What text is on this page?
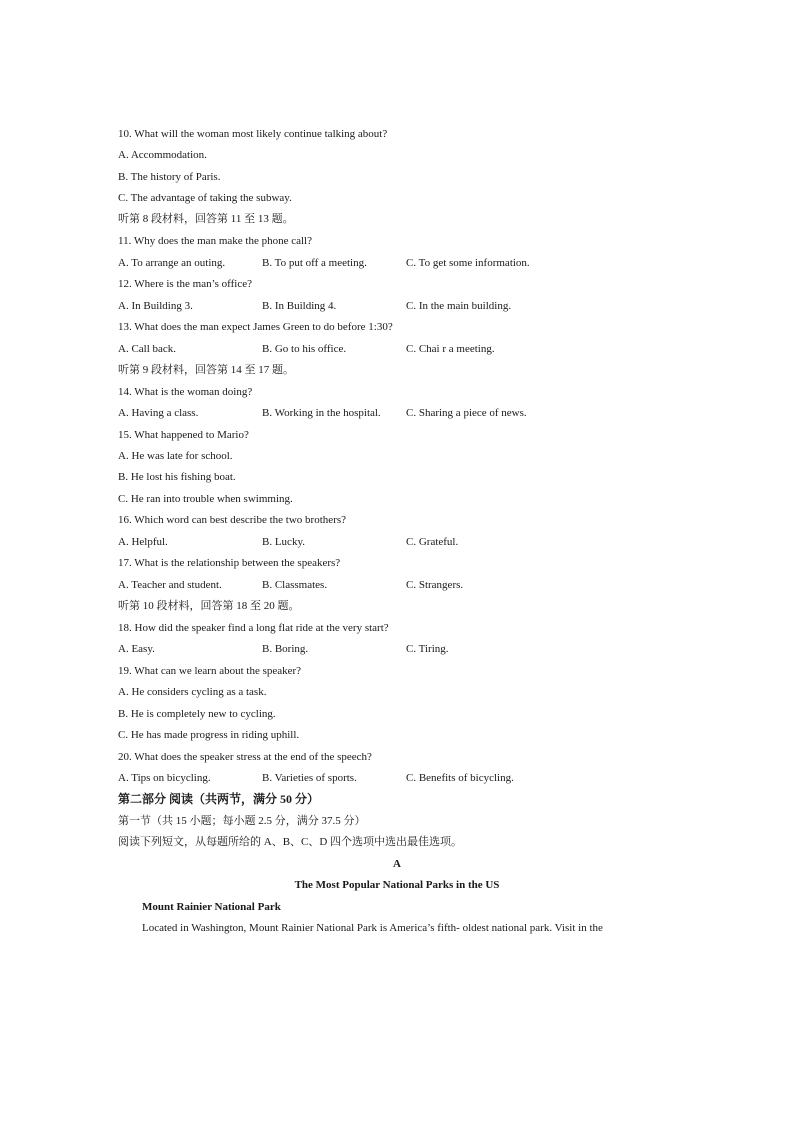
10. What will the woman most likely continue talking about?
A. Accommodation.
B. The history of Paris.
C. The advantage of taking the subway.
听第 8 段材料，回答第 11 至 13 题。
11. Why does the man make the phone call?
A. To arrange an outing.	B. To put off a meeting.	C. To get some information.
12. Where is the man’s office?
A. In Building 3.	B. In Building 4.	C. In the main building.
13. What does the man expect James Green to do before 1:30?
A. Call back.	B. Go to his office.	C. Chai r a meeting.
听第 9 段材料，回答第 14 至 17 题。
14. What is the woman doing?
A. Having a class.	B. Working in the hospital. C. Sharing a piece of news.
15. What happened to Mario?
A. He was late for school.
B. He lost his fishing boat.
C. He ran into trouble when swimming.
16. Which word can best describe the two brothers?
A. Helpful.	B. Lucky.	C. Grateful.
17. What is the relationship between the speakers?
A. Teacher and student.	B. Classmates.	C. Strangers.
听第 10 段材料，回答第 18 至 20 题。
18. How did the speaker find a long flat ride at the very start?
A. Easy.	B. Boring.	C. Tiring.
19. What can we learn about the speaker?
A. He considers cycling as a task.
B. He is completely new to cycling.
C. He has made progress in riding uphill.
20. What does the speaker stress at the end of the speech?
A. Tips on bicycling.	B. Varieties of sports.	C. Benefits of bicycling.
第二部分 阅读（共两节，满分 50 分）
第一节（共 15 小题；每小题 2.5 分，满分 37.5 分）
阅读下列短文，从每题所给的 A、B、C、D 四个选项中选出最佳选项。
A
The Most Popular National Parks in the US
Mount Rainier National Park
Located in Washington, Mount Rainier National Park is America’s fifth- oldest national park. Visit in the
